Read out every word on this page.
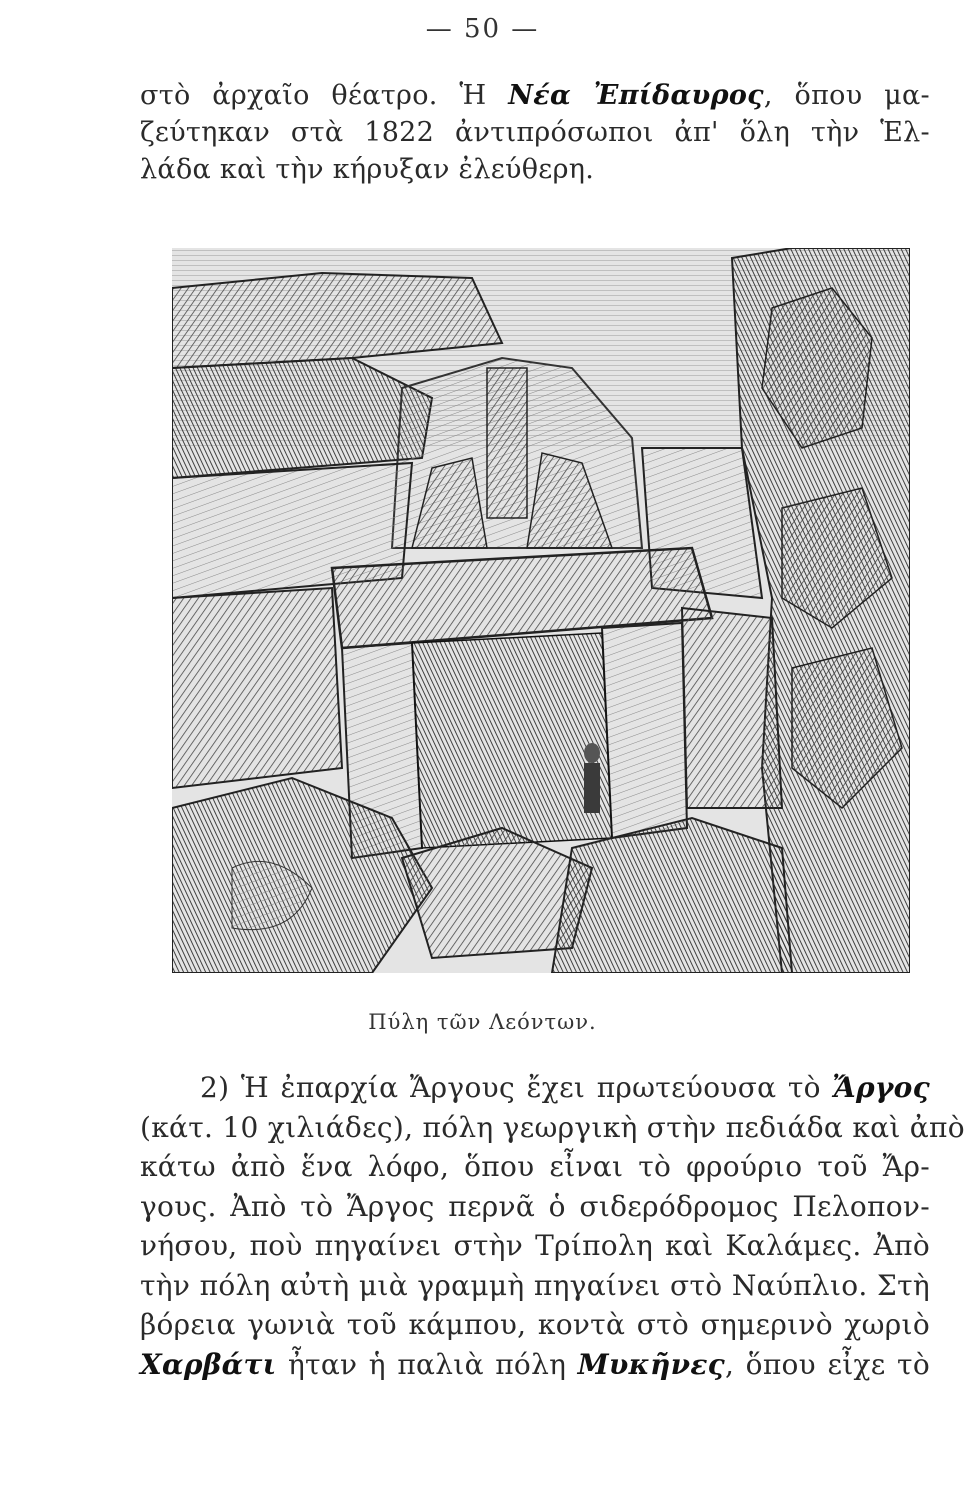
— 50 —
στὸ ἀρχαῖο θέατρο. Ἡ Νέα Ἐπίδαυρος, ὅπου μα-
ζεύτηκαν στὰ 1822 ἀντιπρόσωποι ἀπ' ὅλη τὴν Ἑλ-
λάδα καὶ τὴν κήρυξαν ἐλεύθερη.
Πύλη τῶν Λεόντων.
2) Ἡ ἐπαρχία Ἄργους ἔχει πρωτεύουσα τὸ Ἄργος
(κάτ. 10 χιλιάδες), πόλη γεωργικὴ στὴν πεδιάδα καὶ ἀπὸ
κάτω ἀπὸ ἕνα λόφο, ὅπου εἶναι τὸ φρούριο τοῦ Ἄρ-
γους. Ἀπὸ τὸ Ἄργος περνᾶ ὁ σιδερόδρομος Πελοπον-
νήσου, ποὺ πηγαίνει στὴν Τρίπολη καὶ Καλάμες. Ἀπὸ
τὴν πόλη αὐτὴ μιὰ γραμμὴ πηγαίνει στὸ Ναύπλιο. Στὴ
βόρεια γωνιὰ τοῦ κάμπου, κοντὰ στὸ σημερινὸ χωριὸ
Χαρβάτι ἦταν ἡ παλιὰ πόλη Μυκῆνες, ὅπου εἶχε τὸ
